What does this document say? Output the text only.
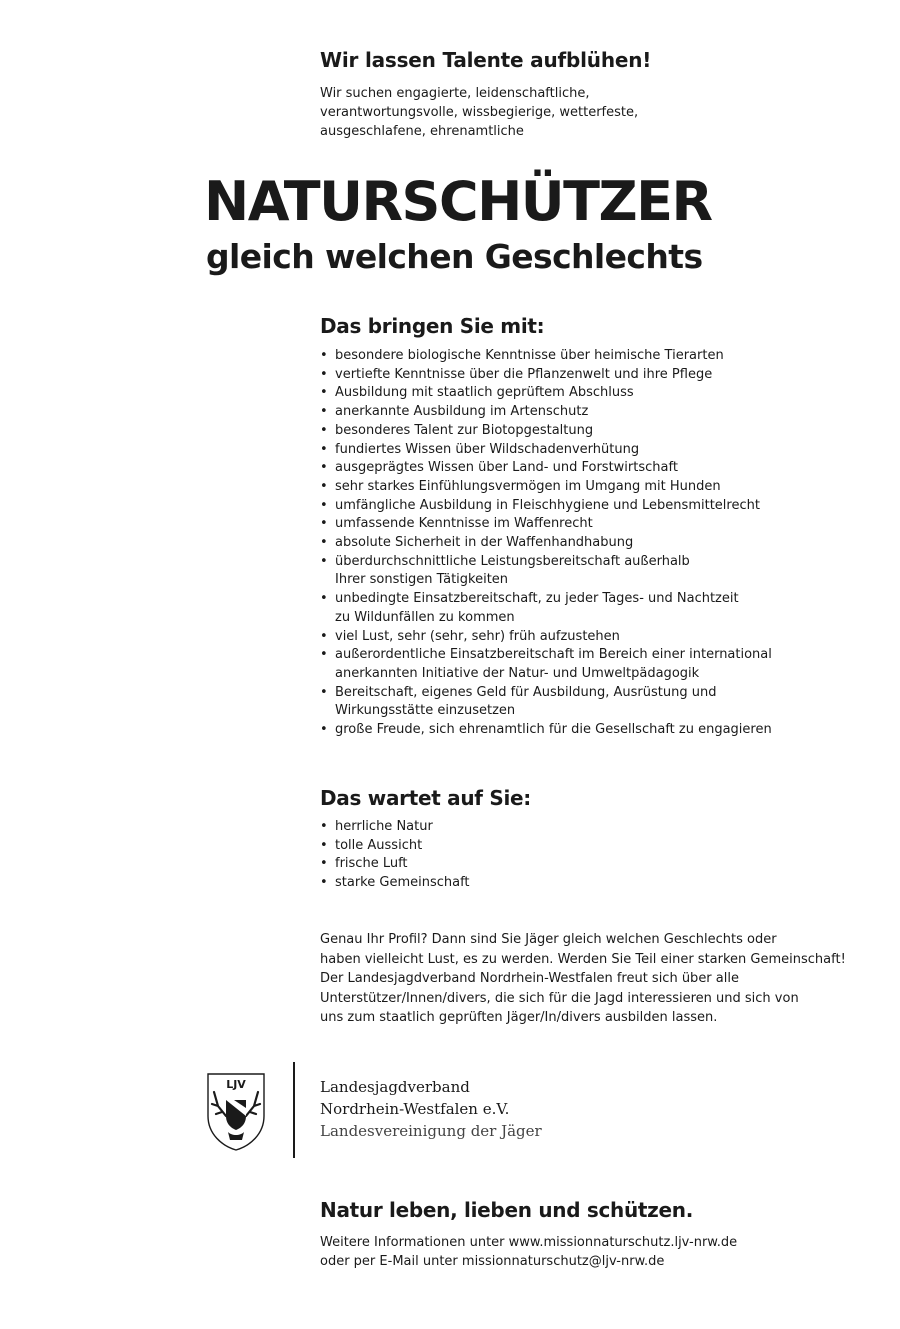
Wir lassen Talente aufblühen!
Wir suchen engagierte, leidenschaftliche,
verantwortungsvolle, wissbegierige, wetterfeste,
ausgeschlafene, ehrenamtliche
NATURSCHÜTZER
gleich welchen Geschlechts
Das bringen Sie mit:
• besondere biologische Kenntnisse über heimische Tierarten
• vertiefte Kenntnisse über die Pflanzenwelt und ihre Pflege
• Ausbildung mit staatlich geprüftem Abschluss
• anerkannte Ausbildung im Artenschutz
• besonderes Talent zur Biotopgestaltung
• fundiertes Wissen über Wildschadenverhütung
• ausgeprägtes Wissen über Land- und Forstwirtschaft
• sehr starkes Einfühlungsvermögen im Umgang mit Hunden
• umfängliche Ausbildung in Fleischhygiene und Lebensmittelrecht
• umfassende Kenntnisse im Waffenrecht
• absolute Sicherheit in der Waffenhandhabung
• überdurchschnittliche Leistungsbereitschaft außerhalb
Ihrer sonstigen Tätigkeiten
• unbedingte Einsatzbereitschaft, zu jeder Tages- und Nachtzeit
zu Wildunfällen zu kommen
• viel Lust, sehr (sehr, sehr) früh aufzustehen
• außerordentliche Einsatzbereitschaft im Bereich einer international
anerkannten Initiative der Natur- und Umweltpädagogik
• Bereitschaft, eigenes Geld für Ausbildung, Ausrüstung und
Wirkungsstätte einzusetzen
• große Freude, sich ehrenamtlich für die Gesellschaft zu engagieren
Das wartet auf Sie:
• herrliche Natur
• tolle Aussicht
• frische Luft
• starke Gemeinschaft
Genau Ihr Profil? Dann sind Sie Jäger gleich welchen Geschlechts oder
haben vielleicht Lust, es zu werden. Werden Sie Teil einer starken Gemeinschaft!
Der Landesjagdverband Nordrhein-Westfalen freut sich über alle
Unterstützer/Innen/divers, die sich für die Jagd interessieren und sich von
uns zum staatlich geprüften Jäger/In/divers ausbilden lassen.
LJV	Landesjagdverband
Nordrhein-Westfalen e.V.
Landesvereinigung der Jäger
Natur leben, lieben und schützen.
Weitere Informationen unter www.missionnaturschutz.ljv-nrw.de
oder per E-Mail unter missionnaturschutz@ljv-nrw.de
